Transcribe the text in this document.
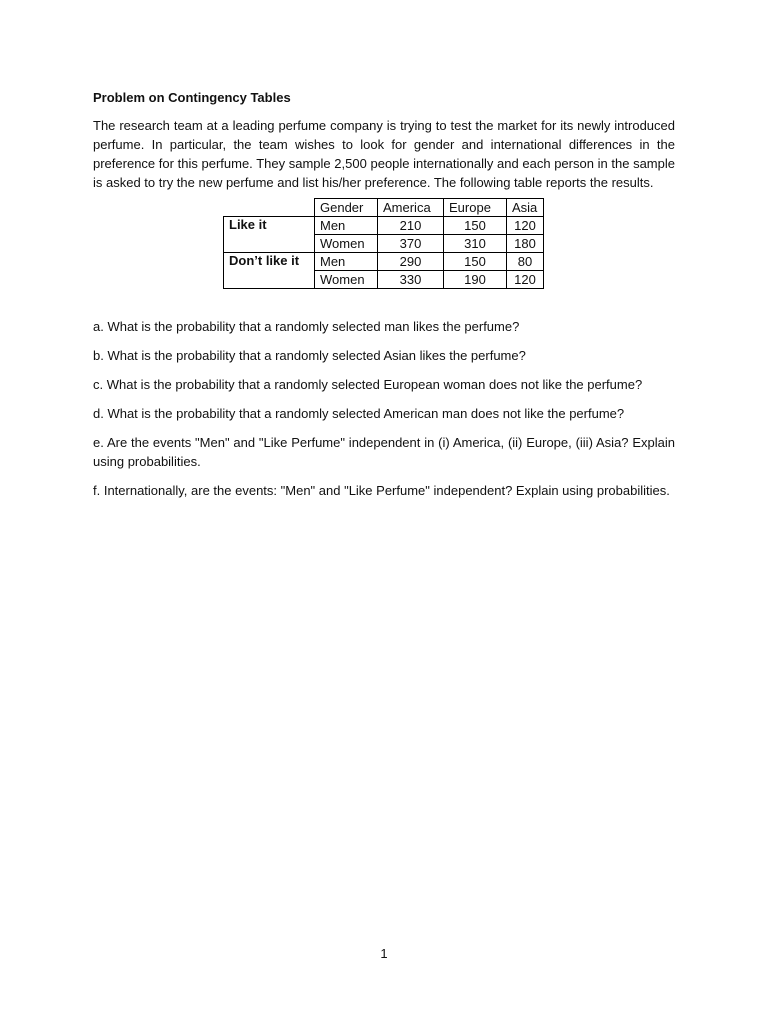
Problem on Contingency Tables

The research team at a leading perfume company is trying to test the market for its newly introduced perfume. In particular, the team wishes to look for gender and international differences in the preference for this perfume. They sample 2,500 people internationally and each person in the sample is asked to try the new perfume and list his/her preference. The following table reports the results.

	Gender	America	Europe	Asia
Like it	Men	210	150	120
	Women	370	310	180
Don’t like it	Men	290	150	80
	Women	330	190	120

a. What is the probability that a randomly selected man likes the perfume?

b. What is the probability that a randomly selected Asian likes the perfume?

c. What is the probability that a randomly selected European woman does not like the perfume?

d. What is the probability that a randomly selected American man does not like the perfume?

e. Are the events "Men" and "Like Perfume" independent in (i) America, (ii) Europe, (iii) Asia? Explain using probabilities.

f. Internationally, are the events: "Men" and "Like Perfume" independent? Explain using probabilities.

1
